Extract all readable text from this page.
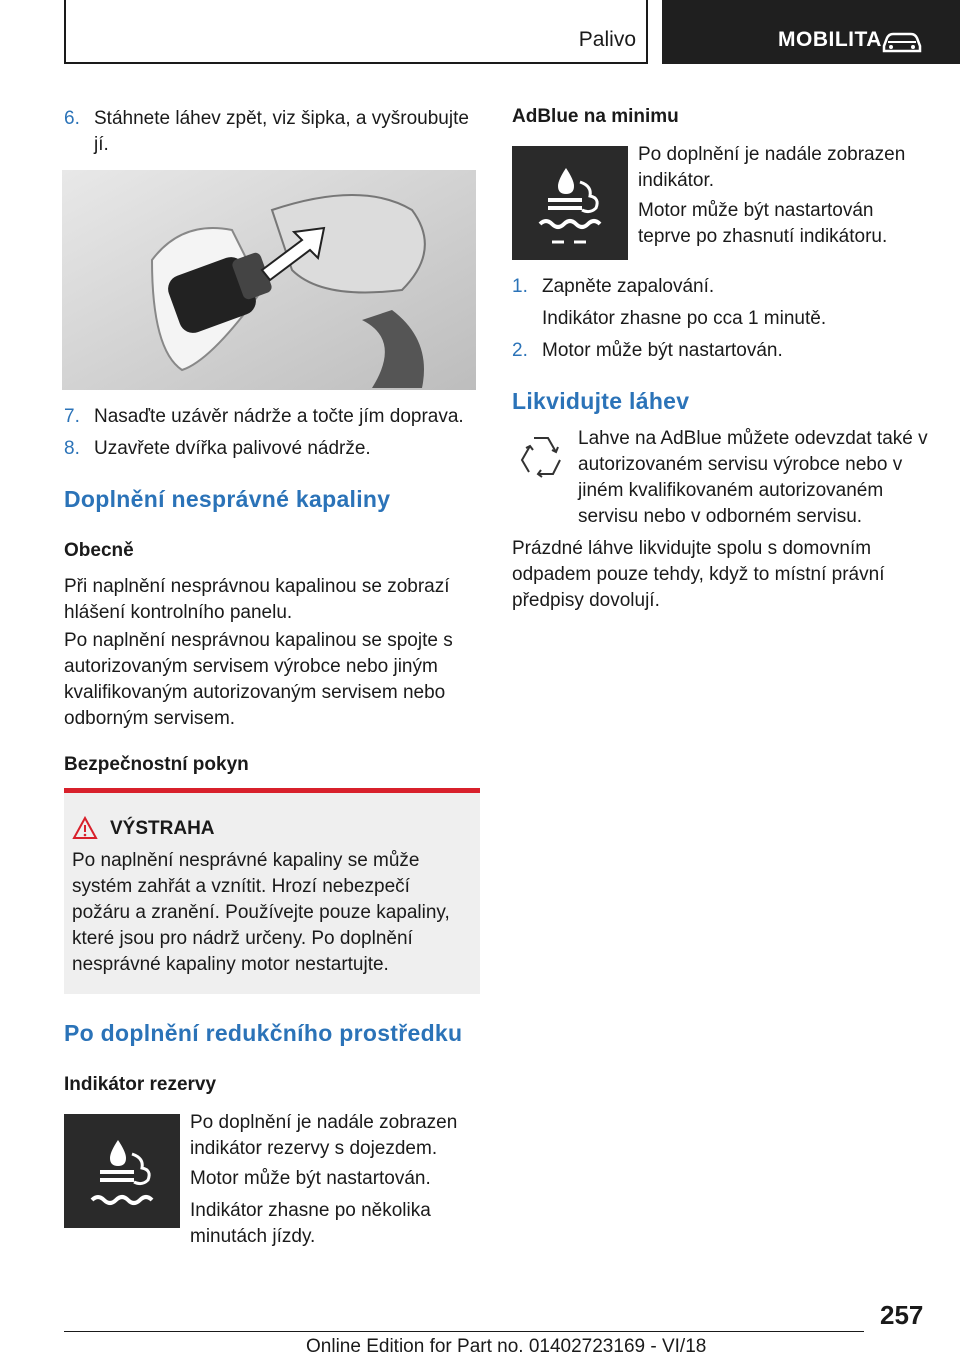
Palivo	MOBILITA
6. Stáhnete láhev zpět, viz šipka, a vyšroubujte jí.
7. Nasaďte uzávěr nádrže a točte jím doprava.
8. Uzavřete dvířka palivové nádrže.
Doplnění nesprávné kapaliny
Obecně

Při naplnění nesprávnou kapalinou se zobrazí hlášení kontrolního panelu.

Po naplnění nesprávnou kapalinou se spojte s autorizovaným servisem výrobce nebo jiným kvalifikovaným autorizovaným servisem nebo odborným servisem.

Bezpečnostní pokyn
VÝSTRAHA

Po naplnění nesprávné kapaliny se může systém zahřát a vznítit. Hrozí nebezpečí požáru a zranění. Používejte pouze kapaliny, které jsou pro nádrž určeny. Po doplnění nesprávné kapaliny motor nestartujte.

Po doplnění redukčního prostředku
Indikátor rezervy

Po doplnění je nadále zobrazen indikátor rezervy s dojezdem.

Motor může být nastartován.

Indikátor zhasne po několika minutách jízdy.

AdBlue na minimu

Po doplnění je nadále zobrazen indikátor.

Motor může být nastartován teprve po zhasnutí indikátoru.

1. Zapněte zapalování.

Indikátor zhasne po cca 1 minutě.

2. Motor může být nastartován.
Likvidujte láhev

Lahve na AdBlue můžete odevzdat také v autorizovaném servisu výrobce nebo v jiném kvalifikovaném autorizovaném servisu nebo v odborném servisu.

Prázdné láhve likvidujte spolu s domovním odpadem pouze tehdy, když to místní právní předpisy dovolují.

257
Online Edition for Part no. 01402723169 - VI/18
